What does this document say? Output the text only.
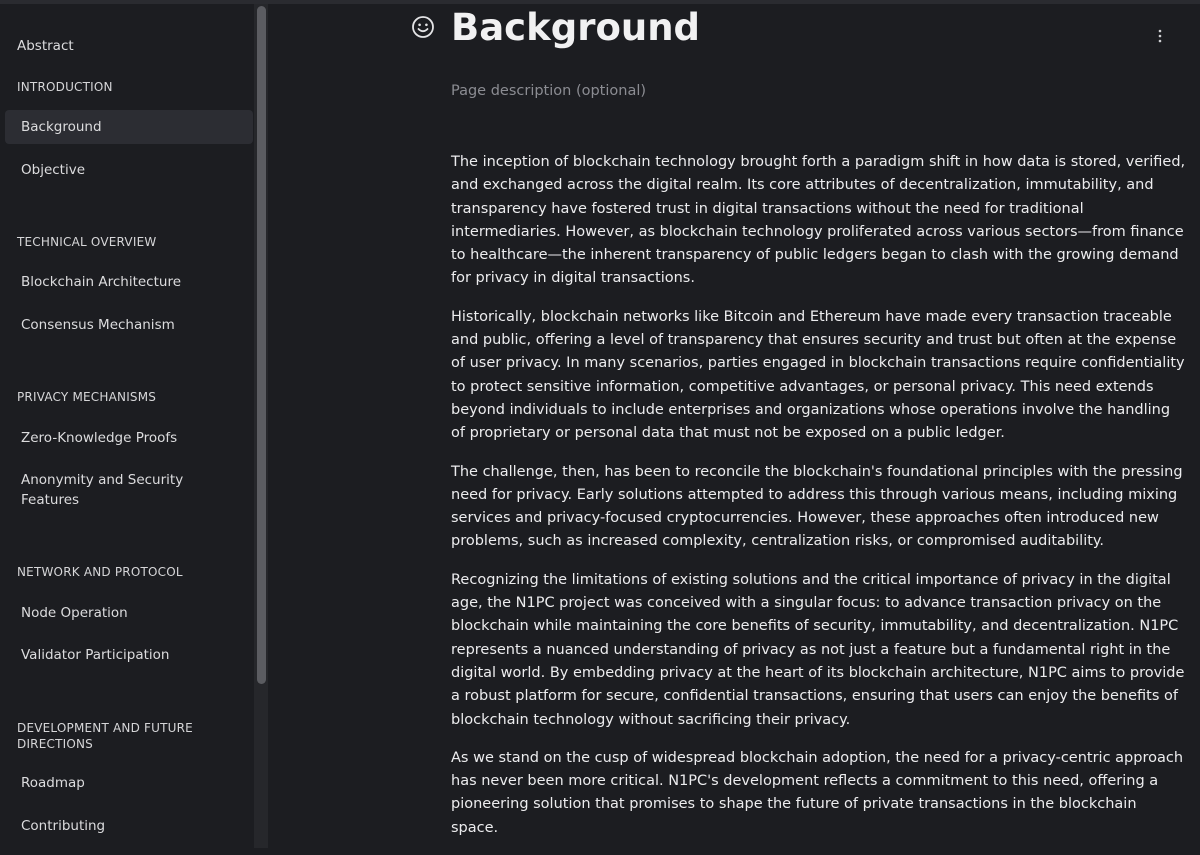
Abstract
INTRODUCTION
Background
Objective
TECHNICAL OVERVIEW
Blockchain Architecture
Consensus Mechanism
PRIVACY MECHANISMS
Zero-Knowledge Proofs
Anonymity and Security Features
NETWORK AND PROTOCOL
Node Operation
Validator Participation
DEVELOPMENT AND FUTURE DIRECTIONS
Roadmap
Contributing
Background
Page description (optional)

The inception of blockchain technology brought forth a paradigm shift in how data is stored, verified, and exchanged across the digital realm. Its core attributes of decentralization, immutability, and transparency have fostered trust in digital transactions without the need for traditional intermediaries. However, as blockchain technology proliferated across various sectors—from finance to healthcare—the inherent transparency of public ledgers began to clash with the growing demand for privacy in digital transactions.

Historically, blockchain networks like Bitcoin and Ethereum have made every transaction traceable and public, offering a level of transparency that ensures security and trust but often at the expense of user privacy. In many scenarios, parties engaged in blockchain transactions require confidentiality to protect sensitive information, competitive advantages, or personal privacy. This need extends beyond individuals to include enterprises and organizations whose operations involve the handling of proprietary or personal data that must not be exposed on a public ledger.

The challenge, then, has been to reconcile the blockchain's foundational principles with the pressing need for privacy. Early solutions attempted to address this through various means, including mixing services and privacy-focused cryptocurrencies. However, these approaches often introduced new problems, such as increased complexity, centralization risks, or compromised auditability.

Recognizing the limitations of existing solutions and the critical importance of privacy in the digital age, the N1PC project was conceived with a singular focus: to advance transaction privacy on the blockchain while maintaining the core benefits of security, immutability, and decentralization. N1PC represents a nuanced understanding of privacy as not just a feature but a fundamental right in the digital world. By embedding privacy at the heart of its blockchain architecture, N1PC aims to provide a robust platform for secure, confidential transactions, ensuring that users can enjoy the benefits of blockchain technology without sacrificing their privacy.

As we stand on the cusp of widespread blockchain adoption, the need for a privacy-centric approach has never been more critical. N1PC's development reflects a commitment to this need, offering a pioneering solution that promises to shape the future of private transactions in the blockchain space.
